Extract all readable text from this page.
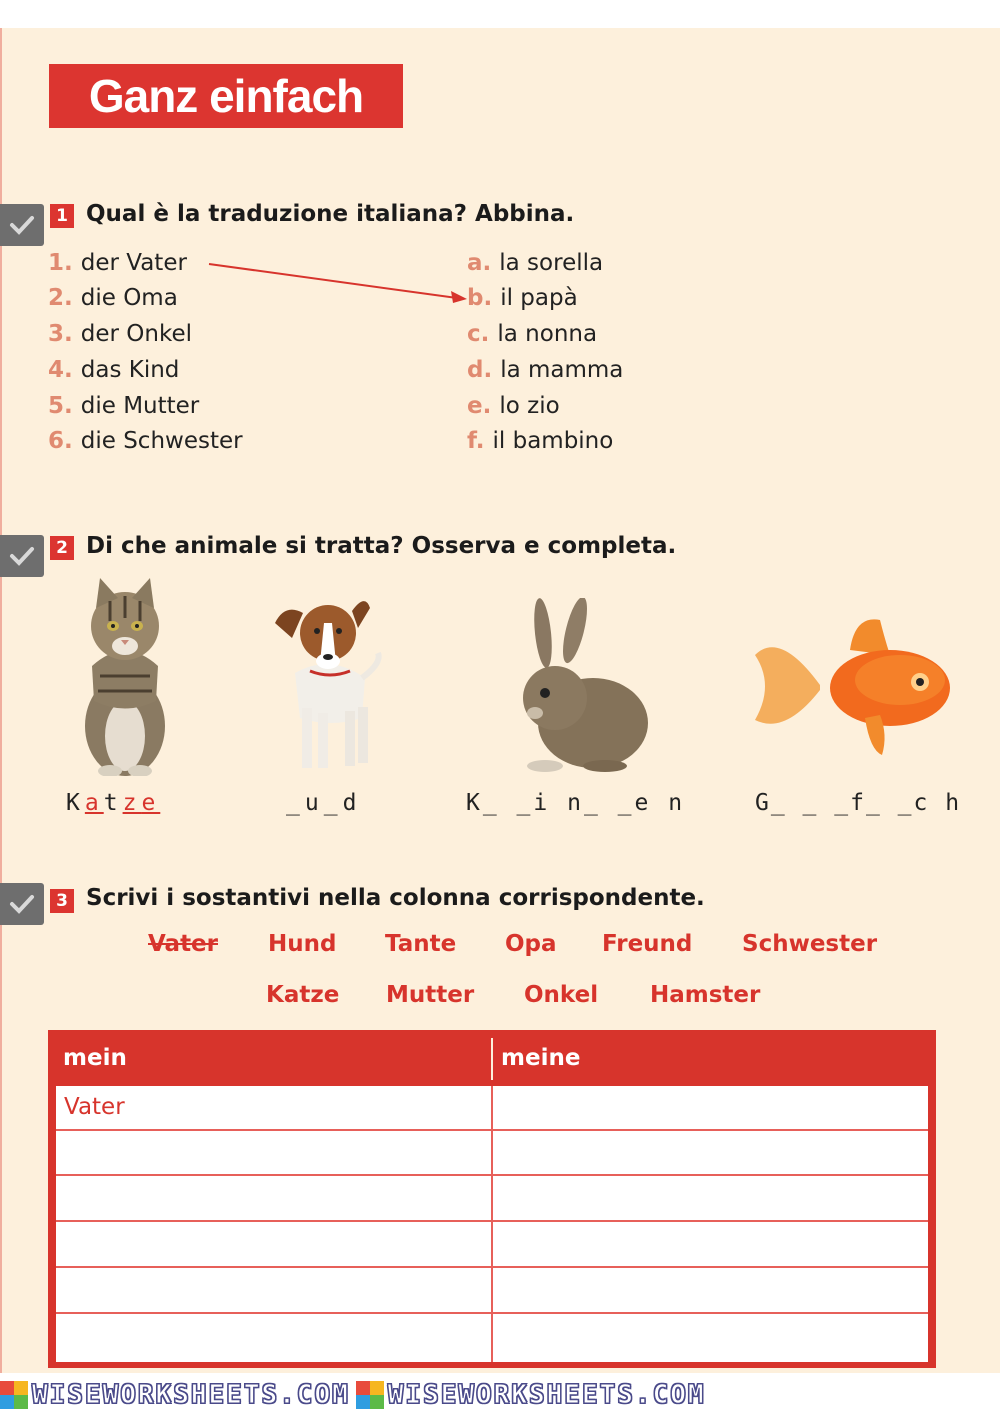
Ganz einfach
1 Qual è la traduzione italiana? Abbina.
1. der Vater
2. die Oma
3. der Onkel
4. das Kind
5. die Mutter
6. die Schwester
a. la sorella
b. il papà
c. la nonna
d. la mamma
e. lo zio
f. il bambino
2 Di che animale si tratta? Osserva e completa.
Katze	_u_d	K_ _i n_ _e n	G_ _ _f_ _c h
3 Scrivi i sostantivi nella colonna corrispondente.
Vater Hund Tante Opa Freund Schwester
Katze Mutter Onkel Hamster
mein	meine
Vater
WISEWORKSHEETS.COM WISEWORKSHEETS.COM
